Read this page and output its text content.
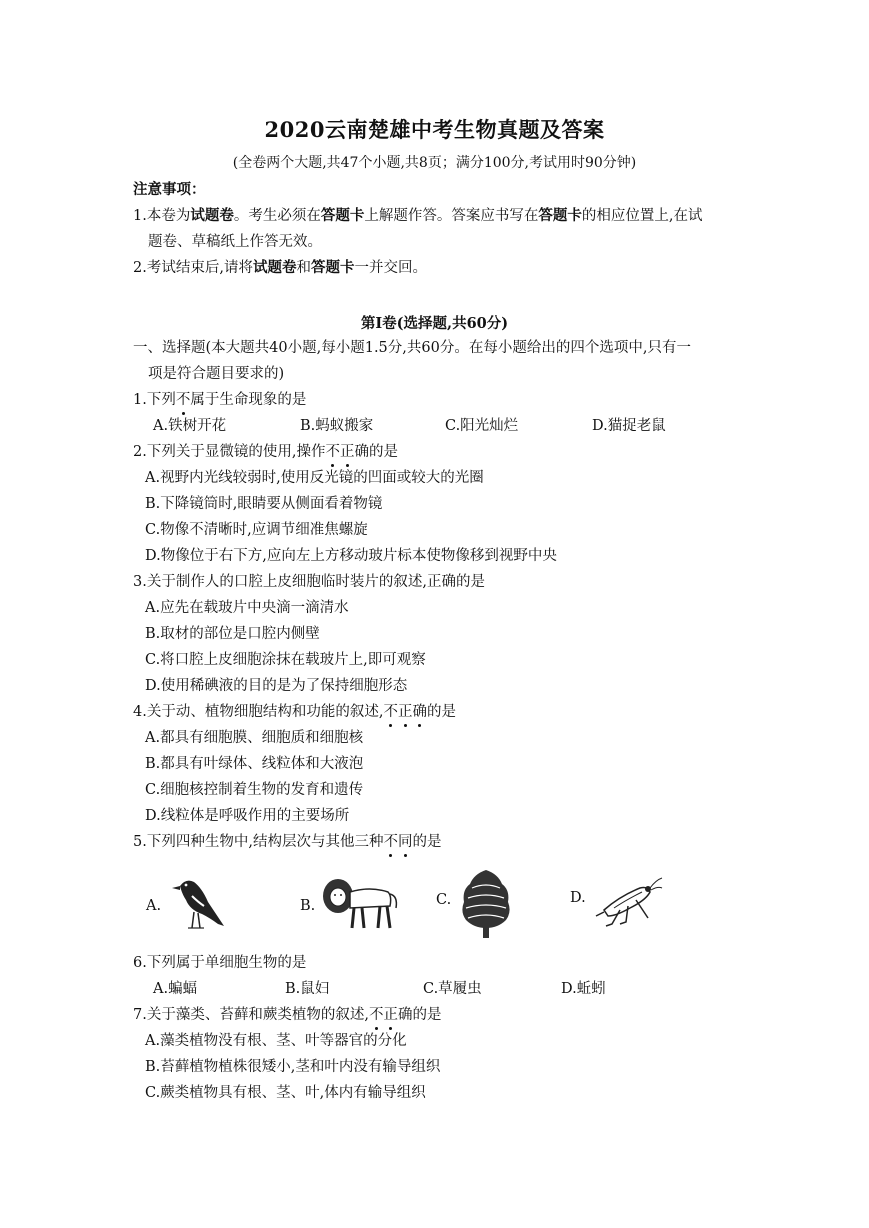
2020云南楚雄中考生物真题及答案
(全卷两个大题,共47个小题,共8页；满分100分,考试用时90分钟)
注意事项：
1.本卷为试题卷。考生必须在答题卡上解题作答。答案应书写在答题卡的相应位置上,在试
题卷、草稿纸上作答无效。
2.考试结束后,请将试题卷和答题卡一并交回。
第Ⅰ卷(选择题,共60分)
一、选择题(本大题共40小题,每小题1.5分,共60分。在每小题给出的四个选项中,只有一
项是符合题目要求的)
1.下列不属于生命现象的是
A.铁树开花	B.蚂蚁搬家	C.阳光灿烂	D.猫捉老鼠
2.下列关于显微镜的使用,操作不正确的是
A.视野内光线较弱时,使用反光镜的凹面或较大的光圈
B.下降镜筒时,眼睛要从侧面看着物镜
C.物像不清晰时,应调节细准焦螺旋
D.物像位于右下方,应向左上方移动玻片标本使物像移到视野中央
3.关于制作人的口腔上皮细胞临时装片的叙述,正确的是
A.应先在载玻片中央滴一滴清水
B.取材的部位是口腔内侧壁
C.将口腔上皮细胞涂抹在载玻片上,即可观察
D.使用稀碘液的目的是为了保持细胞形态
4.关于动、植物细胞结构和功能的叙述,不正确的是
A.都具有细胞膜、细胞质和细胞核
B.都具有叶绿体、线粒体和大液泡
C.细胞核控制着生物的发育和遗传
D.线粒体是呼吸作用的主要场所
5.下列四种生物中,结构层次与其他三种不同的是
A.	B.	C.	D.
6.下列属于单细胞生物的是
A.蝙蝠	B.鼠妇	C.草履虫	D.蚯蚓
7.关于藻类、苔藓和蕨类植物的叙述,不正确的是
A.藻类植物没有根、茎、叶等器官的分化
B.苔藓植物植株很矮小,茎和叶内没有输导组织
C.蕨类植物具有根、茎、叶,体内有输导组织
